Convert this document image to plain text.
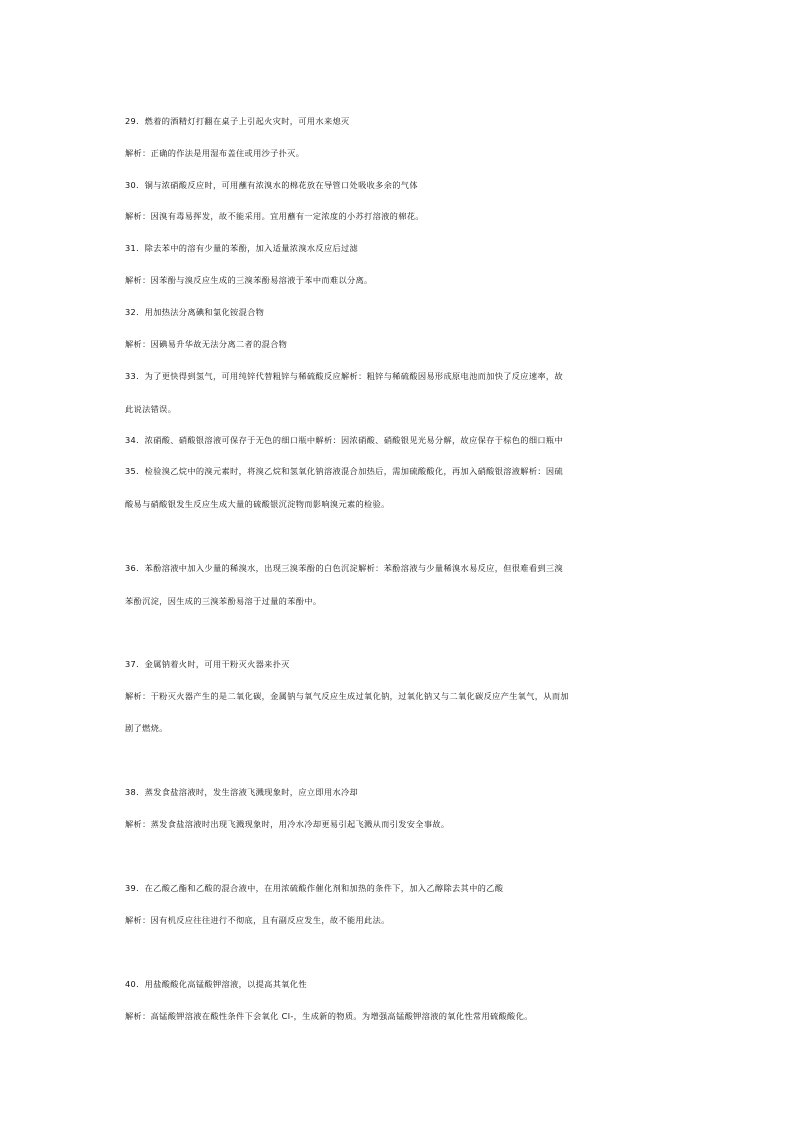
29．燃着的酒精灯打翻在桌子上引起火灾时，可用水来熄灭
解析：正确的作法是用湿布盖住或用沙子扑灭。
30．铜与浓硝酸反应时，可用蘸有浓溴水的棉花放在导管口处吸收多余的气体
解析：因溴有毒易挥发，故不能采用。宜用蘸有一定浓度的小苏打溶液的棉花。
31．除去苯中的溶有少量的苯酚，加入适量浓溴水反应后过滤
解析：因苯酚与溴反应生成的三溴苯酚易溶液于苯中而难以分离。
32．用加热法分离碘和氯化铵混合物
解析：因碘易升华故无法分离二者的混合物
33．为了更快得到氢气，可用纯锌代替粗锌与稀硫酸反应解析：粗锌与稀硫酸因易形成原电池而加快了反应速率，故
此说法错误。
34．浓硝酸、硝酸银溶液可保存于无色的细口瓶中解析：因浓硝酸、硝酸银见光易分解，故应保存于棕色的细口瓶中
35．检验溴乙烷中的溴元素时，将溴乙烷和氢氧化钠溶液混合加热后，需加硫酸酸化，再加入硝酸银溶液解析：因硫
酸易与硝酸银发生反应生成大量的硫酸银沉淀物而影响溴元素的检验。
36．苯酚溶液中加入少量的稀溴水，出现三溴苯酚的白色沉淀解析：苯酚溶液与少量稀溴水易反应，但很难看到三溴
苯酚沉淀，因生成的三溴苯酚易溶于过量的苯酚中。
37．金属钠着火时，可用干粉灭火器来扑灭
解析：干粉灭火器产生的是二氧化碳，金属钠与氧气反应生成过氧化钠，过氧化钠又与二氧化碳反应产生氧气，从而加
剧了燃烧。
38．蒸发食盐溶液时，发生溶液飞溅现象时，应立即用水冷却
解析：蒸发食盐溶液时出现飞溅现象时，用冷水冷却更易引起飞溅从而引发安全事故。
39．在乙酸乙酯和乙酸的混合液中，在用浓硫酸作催化剂和加热的条件下，加入乙醇除去其中的乙酸
解析：因有机反应往往进行不彻底，且有副反应发生，故不能用此法。
40．用盐酸酸化高锰酸钾溶液，以提高其氧化性
解析：高锰酸钾溶液在酸性条件下会氧化 Cl-，生成新的物质。为增强高锰酸钾溶液的氧化性常用硫酸酸化。
